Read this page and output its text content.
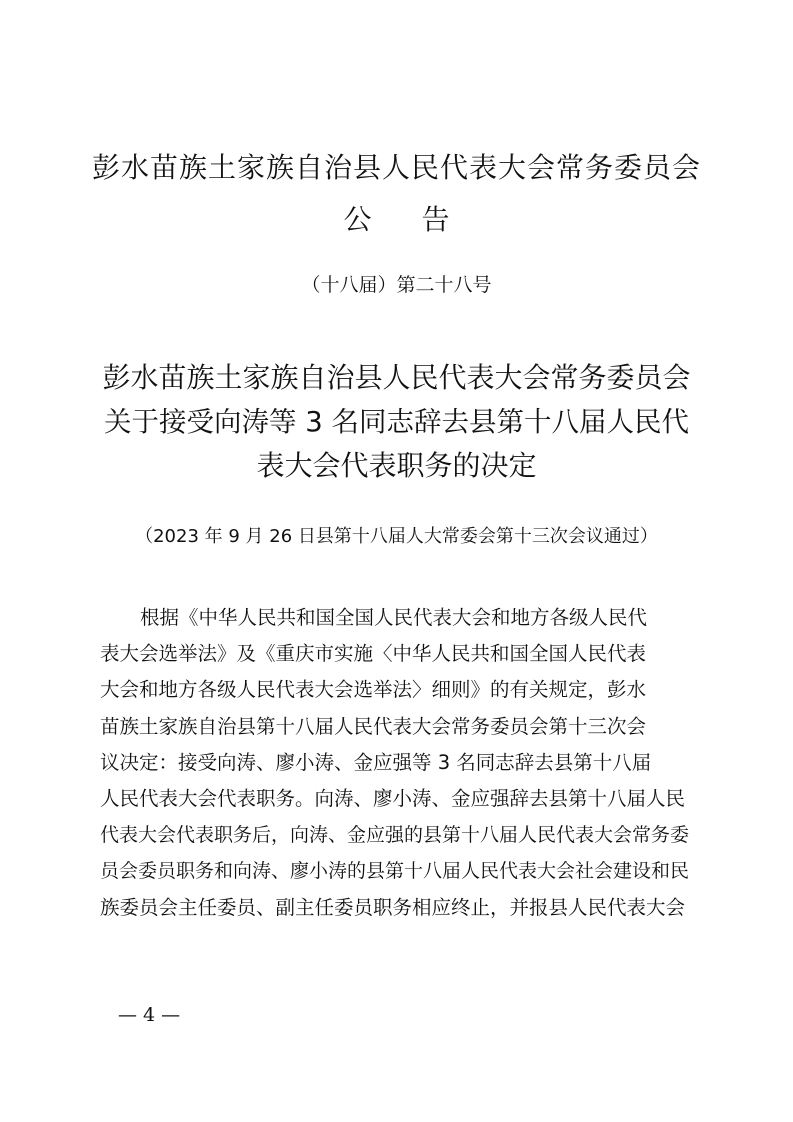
彭水苗族土家族自治县人民代表大会常务委员会
公告
（十八届）第二十八号
彭水苗族土家族自治县人民代表大会常务委员会
关于接受向涛等 3 名同志辞去县第十八届人民代
表大会代表职务的决定
（2023 年 9 月 26 日县第十八届人大常委会第十三次会议通过）
根据《中华人民共和国全国人民代表大会和地方各级人民代
表大会选举法》及《重庆市实施〈中华人民共和国全国人民代表
大会和地方各级人民代表大会选举法〉细则》的有关规定，彭水
苗族土家族自治县第十八届人民代表大会常务委员会第十三次会
议决定：接受向涛、廖小涛、金应强等 3 名同志辞去县第十八届
人民代表大会代表职务。向涛、廖小涛、金应强辞去县第十八届人民
代表大会代表职务后，向涛、金应强的县第十八届人民代表大会常务委
员会委员职务和向涛、廖小涛的县第十八届人民代表大会社会建设和民
族委员会主任委员、副主任委员职务相应终止，并报县人民代表大会
— 4 —
